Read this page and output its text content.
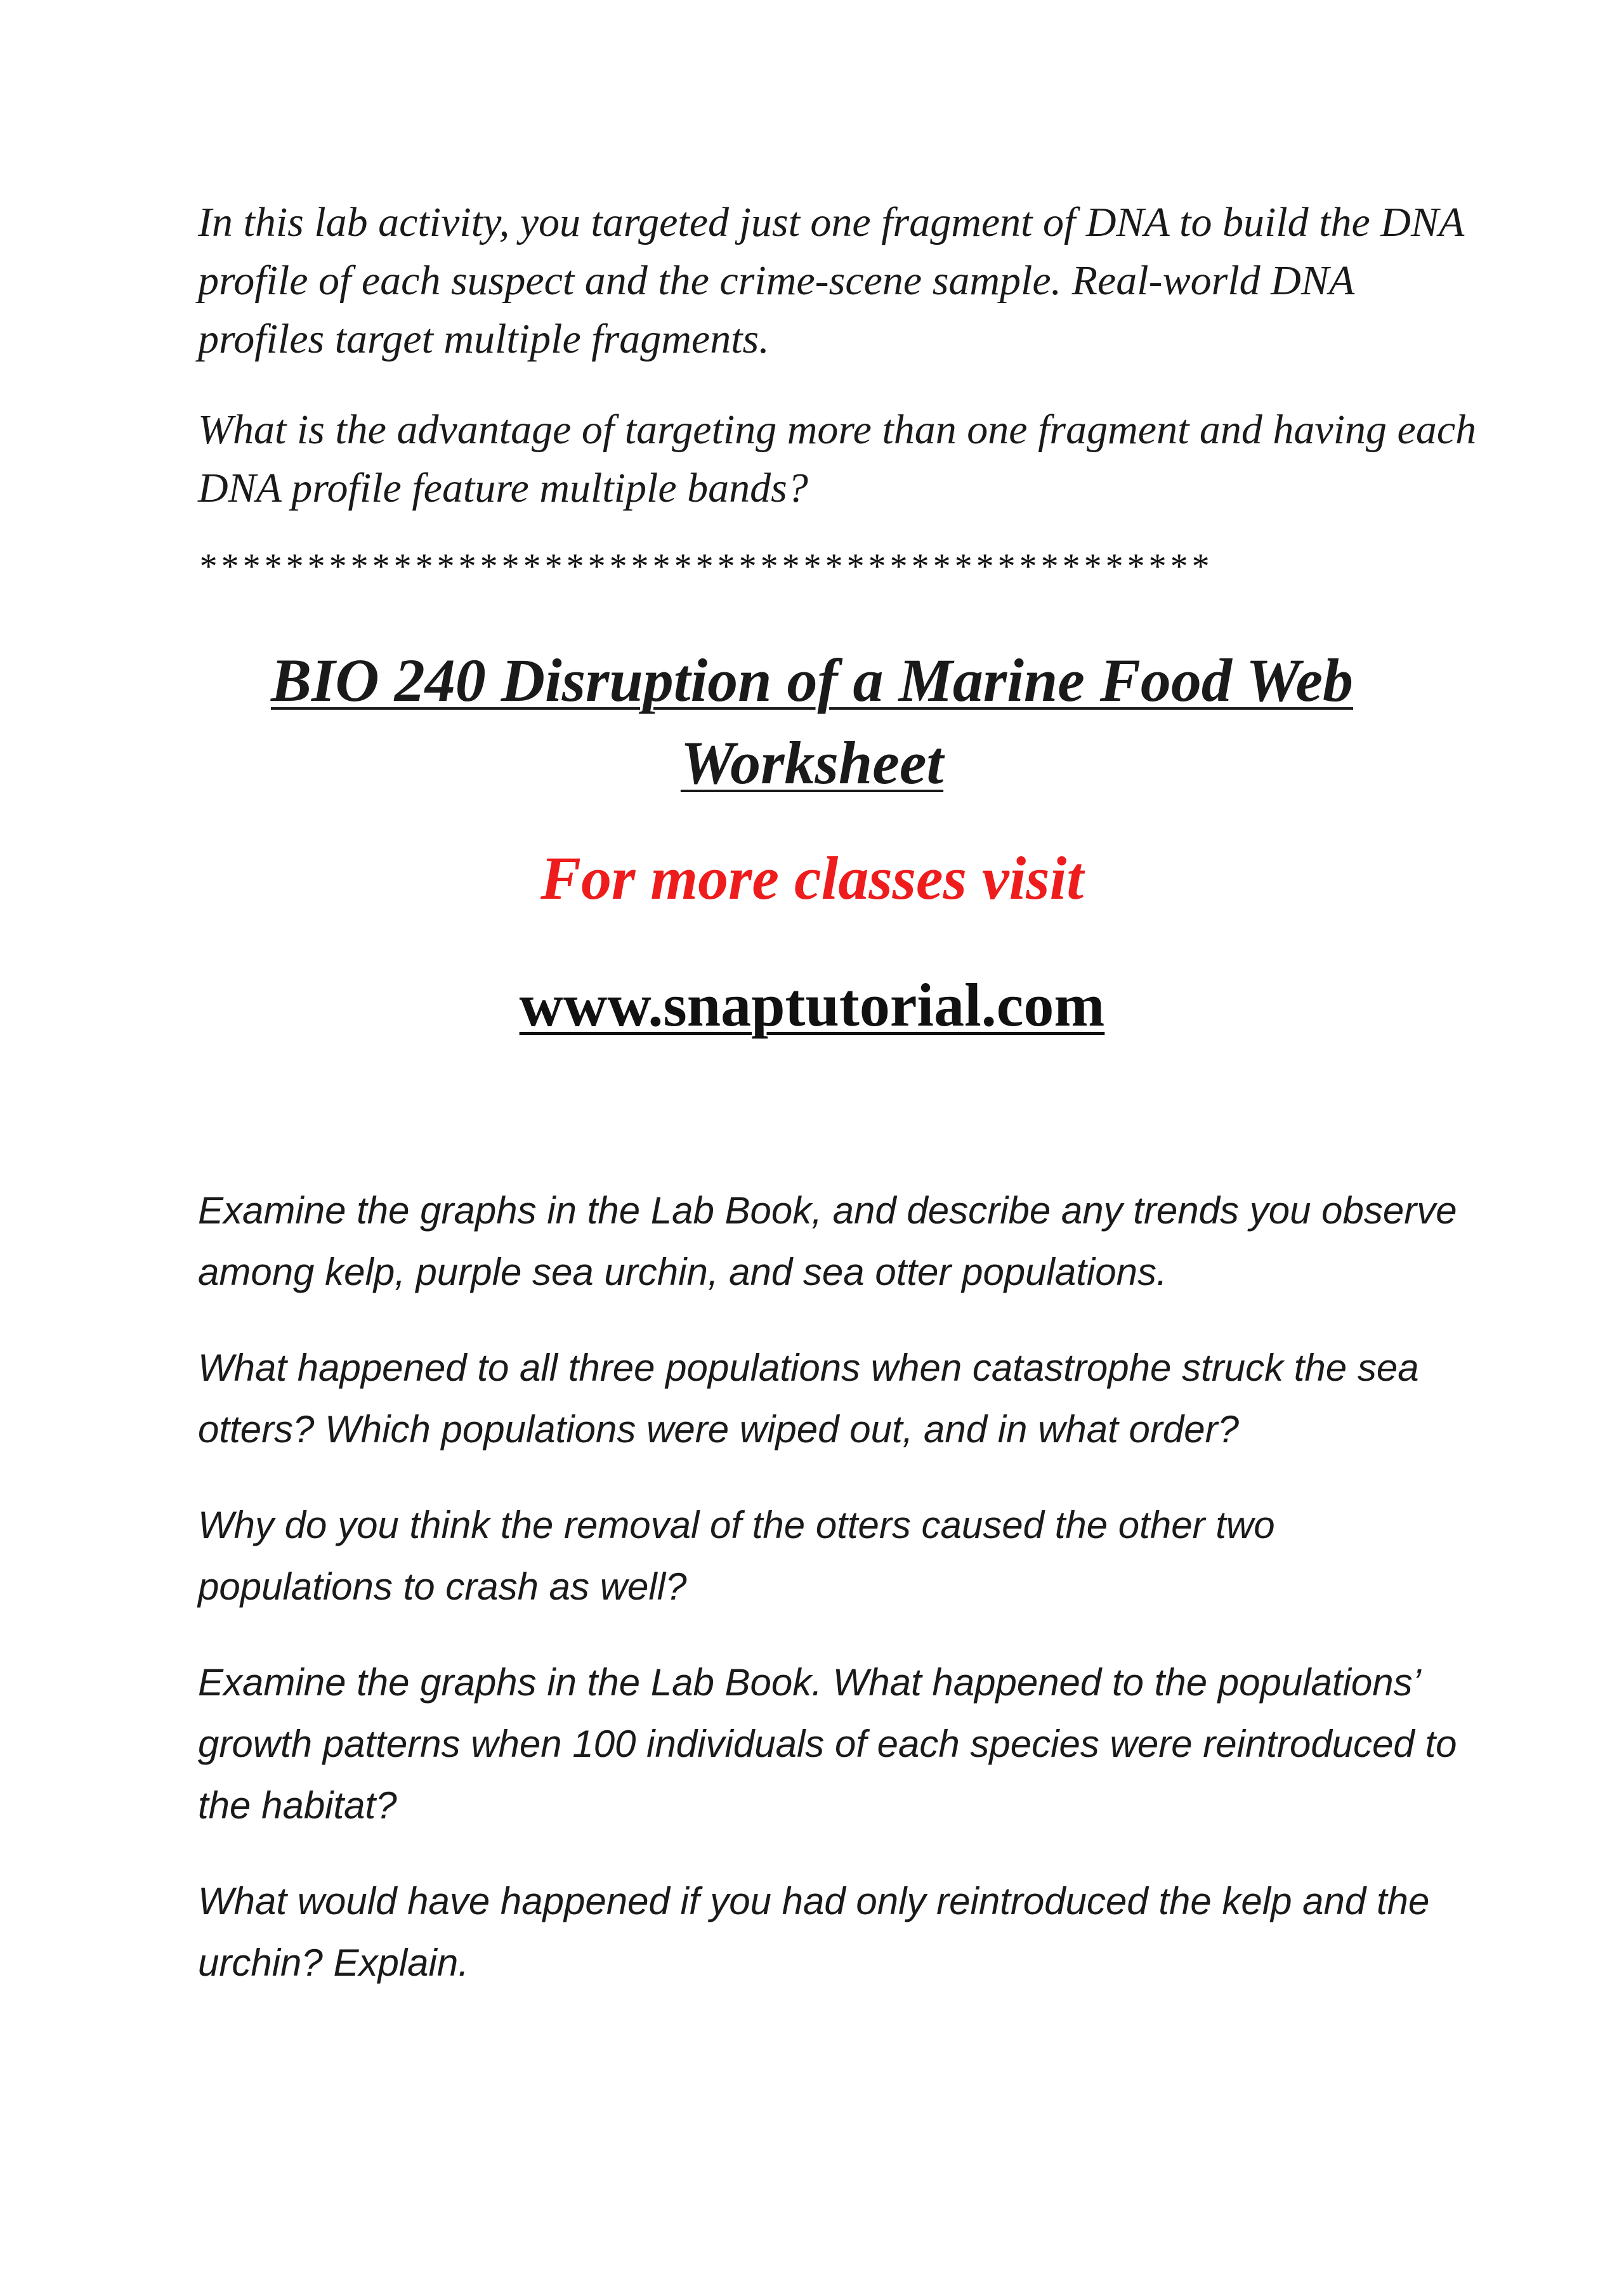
In this lab activity, you targeted just one fragment of DNA to build the DNA profile of each suspect and the crime-scene sample. Real-world DNA profiles target multiple fragments.

What is the advantage of targeting more than one fragment and having each DNA profile feature multiple bands?

***********************************************
BIO 240 Disruption of a Marine Food Web Worksheet
For more classes visit
www.snaptutorial.com

Examine the graphs in the Lab Book, and describe any trends you observe among kelp, purple sea urchin, and sea otter populations.

What happened to all three populations when catastrophe struck the sea otters? Which populations were wiped out, and in what order?

Why do you think the removal of the otters caused the other two populations to crash as well?

Examine the graphs in the Lab Book. What happened to the populations’ growth patterns when 100 individuals of each species were reintroduced to the habitat?

What would have happened if you had only reintroduced the kelp and the urchin? Explain.
